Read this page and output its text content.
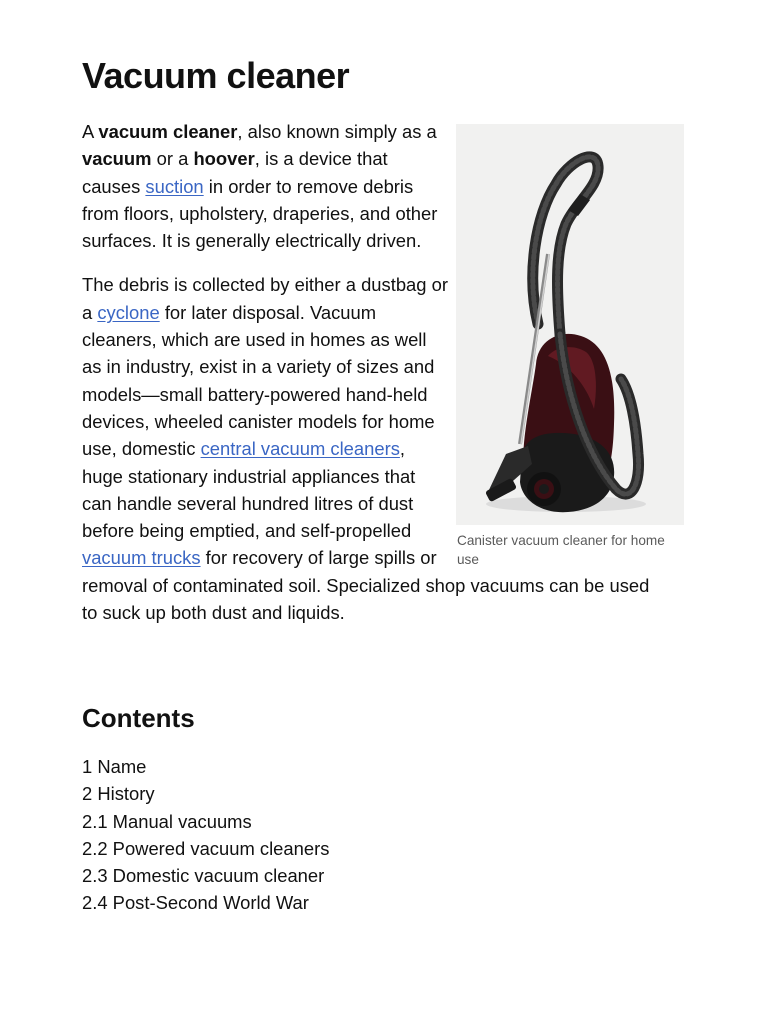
Vacuum cleaner
Canister vacuum cleaner for home use

A vacuum cleaner, also known simply as a vacuum or a hoover, is a device that causes suction in order to remove debris from floors, upholstery, draperies, and other surfaces. It is generally electrically driven.

The debris is collected by either a dustbag or a cyclone for later disposal. Vacuum cleaners, which are used in homes as well as in industry, exist in a variety of sizes and models—small battery-powered hand-held devices, wheeled canister models for home use, domestic central vacuum cleaners, huge stationary industrial appliances that can handle several hundred litres of dust before being emptied, and self-propelled vacuum trucks for recovery of large spills or removal of contaminated soil. Specialized shop vacuums can be used to suck up both dust and liquids.

Contents
1 Name
2 History
2.1 Manual vacuums
2.2 Powered vacuum cleaners
2.3 Domestic vacuum cleaner
2.4 Post-Second World War
